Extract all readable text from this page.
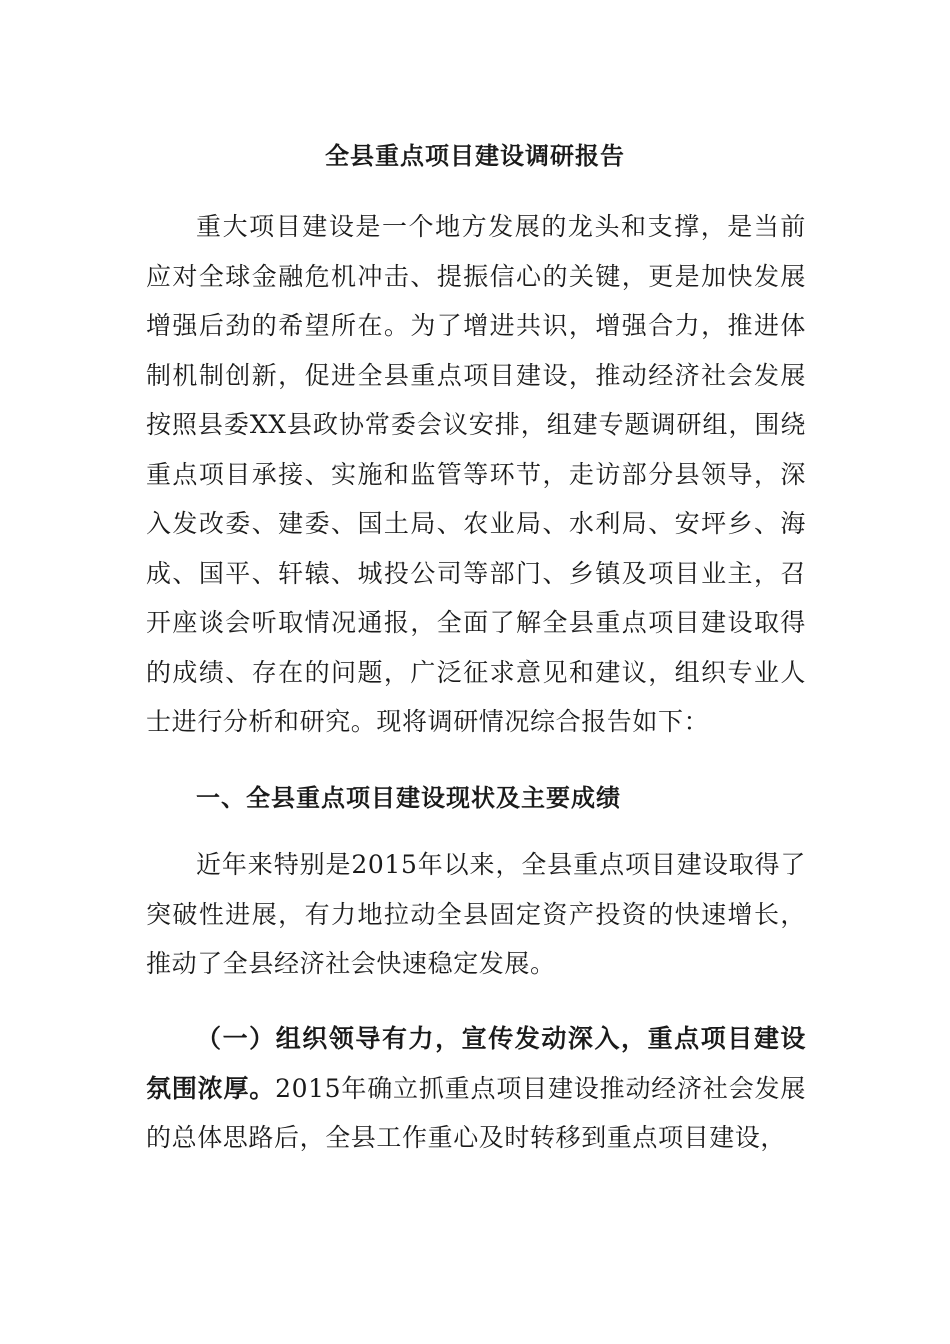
全县重点项目建设调研报告
重大项目建设是一个地方发展的龙头和支撑，是当前应对全球金融危机冲击、提振信心的关键，更是加快发展增强后劲的希望所在。为了增进共识，增强合力，推进体制机制创新，促进全县重点项目建设，推动经济社会发展按照县委XX县政协常委会议安排，组建专题调研组，围绕重点项目承接、实施和监管等环节，走访部分县领导，深入发改委、建委、国土局、农业局、水利局、安坪乡、海成、国平、轩辕、城投公司等部门、乡镇及项目业主，召开座谈会听取情况通报，全面了解全县重点项目建设取得的成绩、存在的问题，广泛征求意见和建议，组织专业人士进行分析和研究。现将调研情况综合报告如下：
一、全县重点项目建设现状及主要成绩
近年来特别是2015年以来，全县重点项目建设取得了突破性进展，有力地拉动全县固定资产投资的快速增长，推动了全县经济社会快速稳定发展。
（一）组织领导有力，宣传发动深入，重点项目建设氛围浓厚。2015年确立抓重点项目建设推动经济社会发展的总体思路后，全县工作重心及时转移到重点项目建设，
